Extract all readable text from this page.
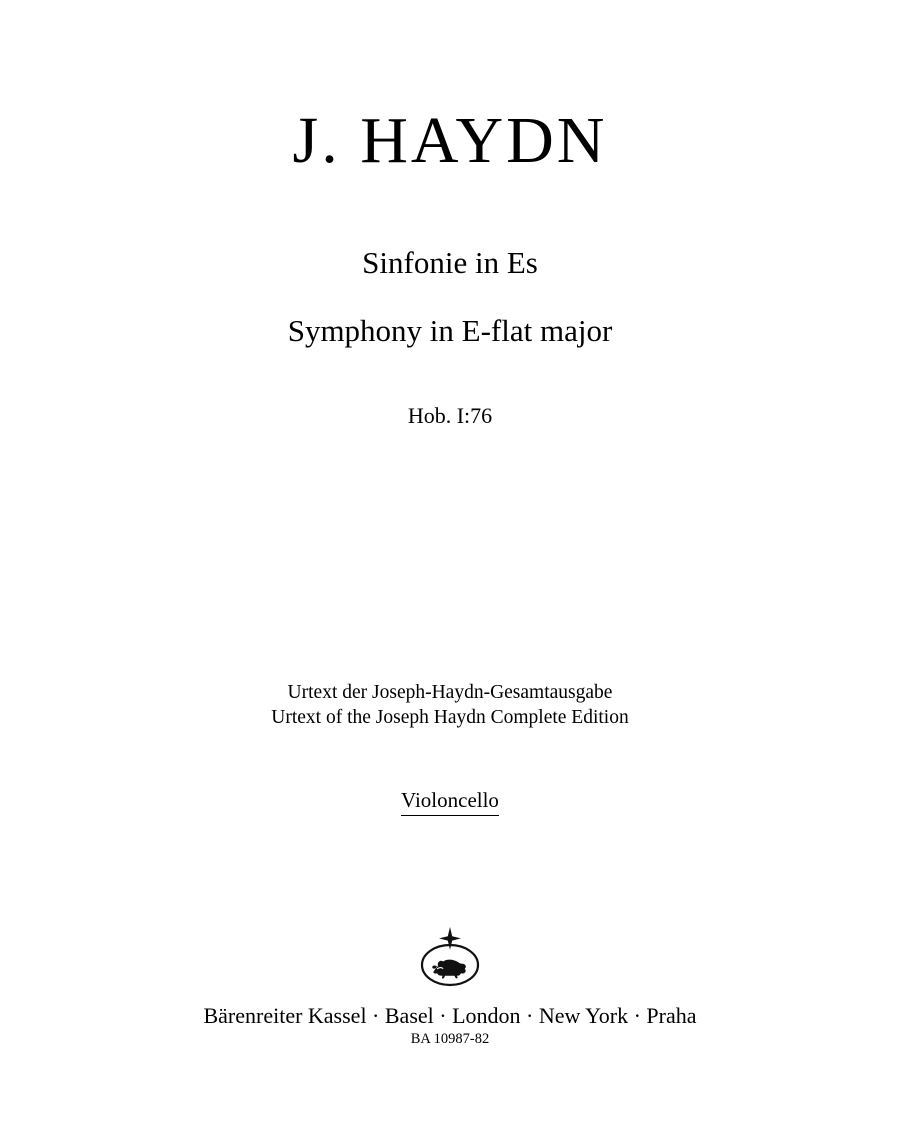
J. HAYDN
Sinfonie in Es
Symphony in E-flat major
Hob. I:76
Urtext der Joseph-Haydn-Gesamtausgabe
Urtext of the Joseph Haydn Complete Edition
Violoncello
Bärenreiter Kassel · Basel · London · New York · Praha
BA 10987-82
